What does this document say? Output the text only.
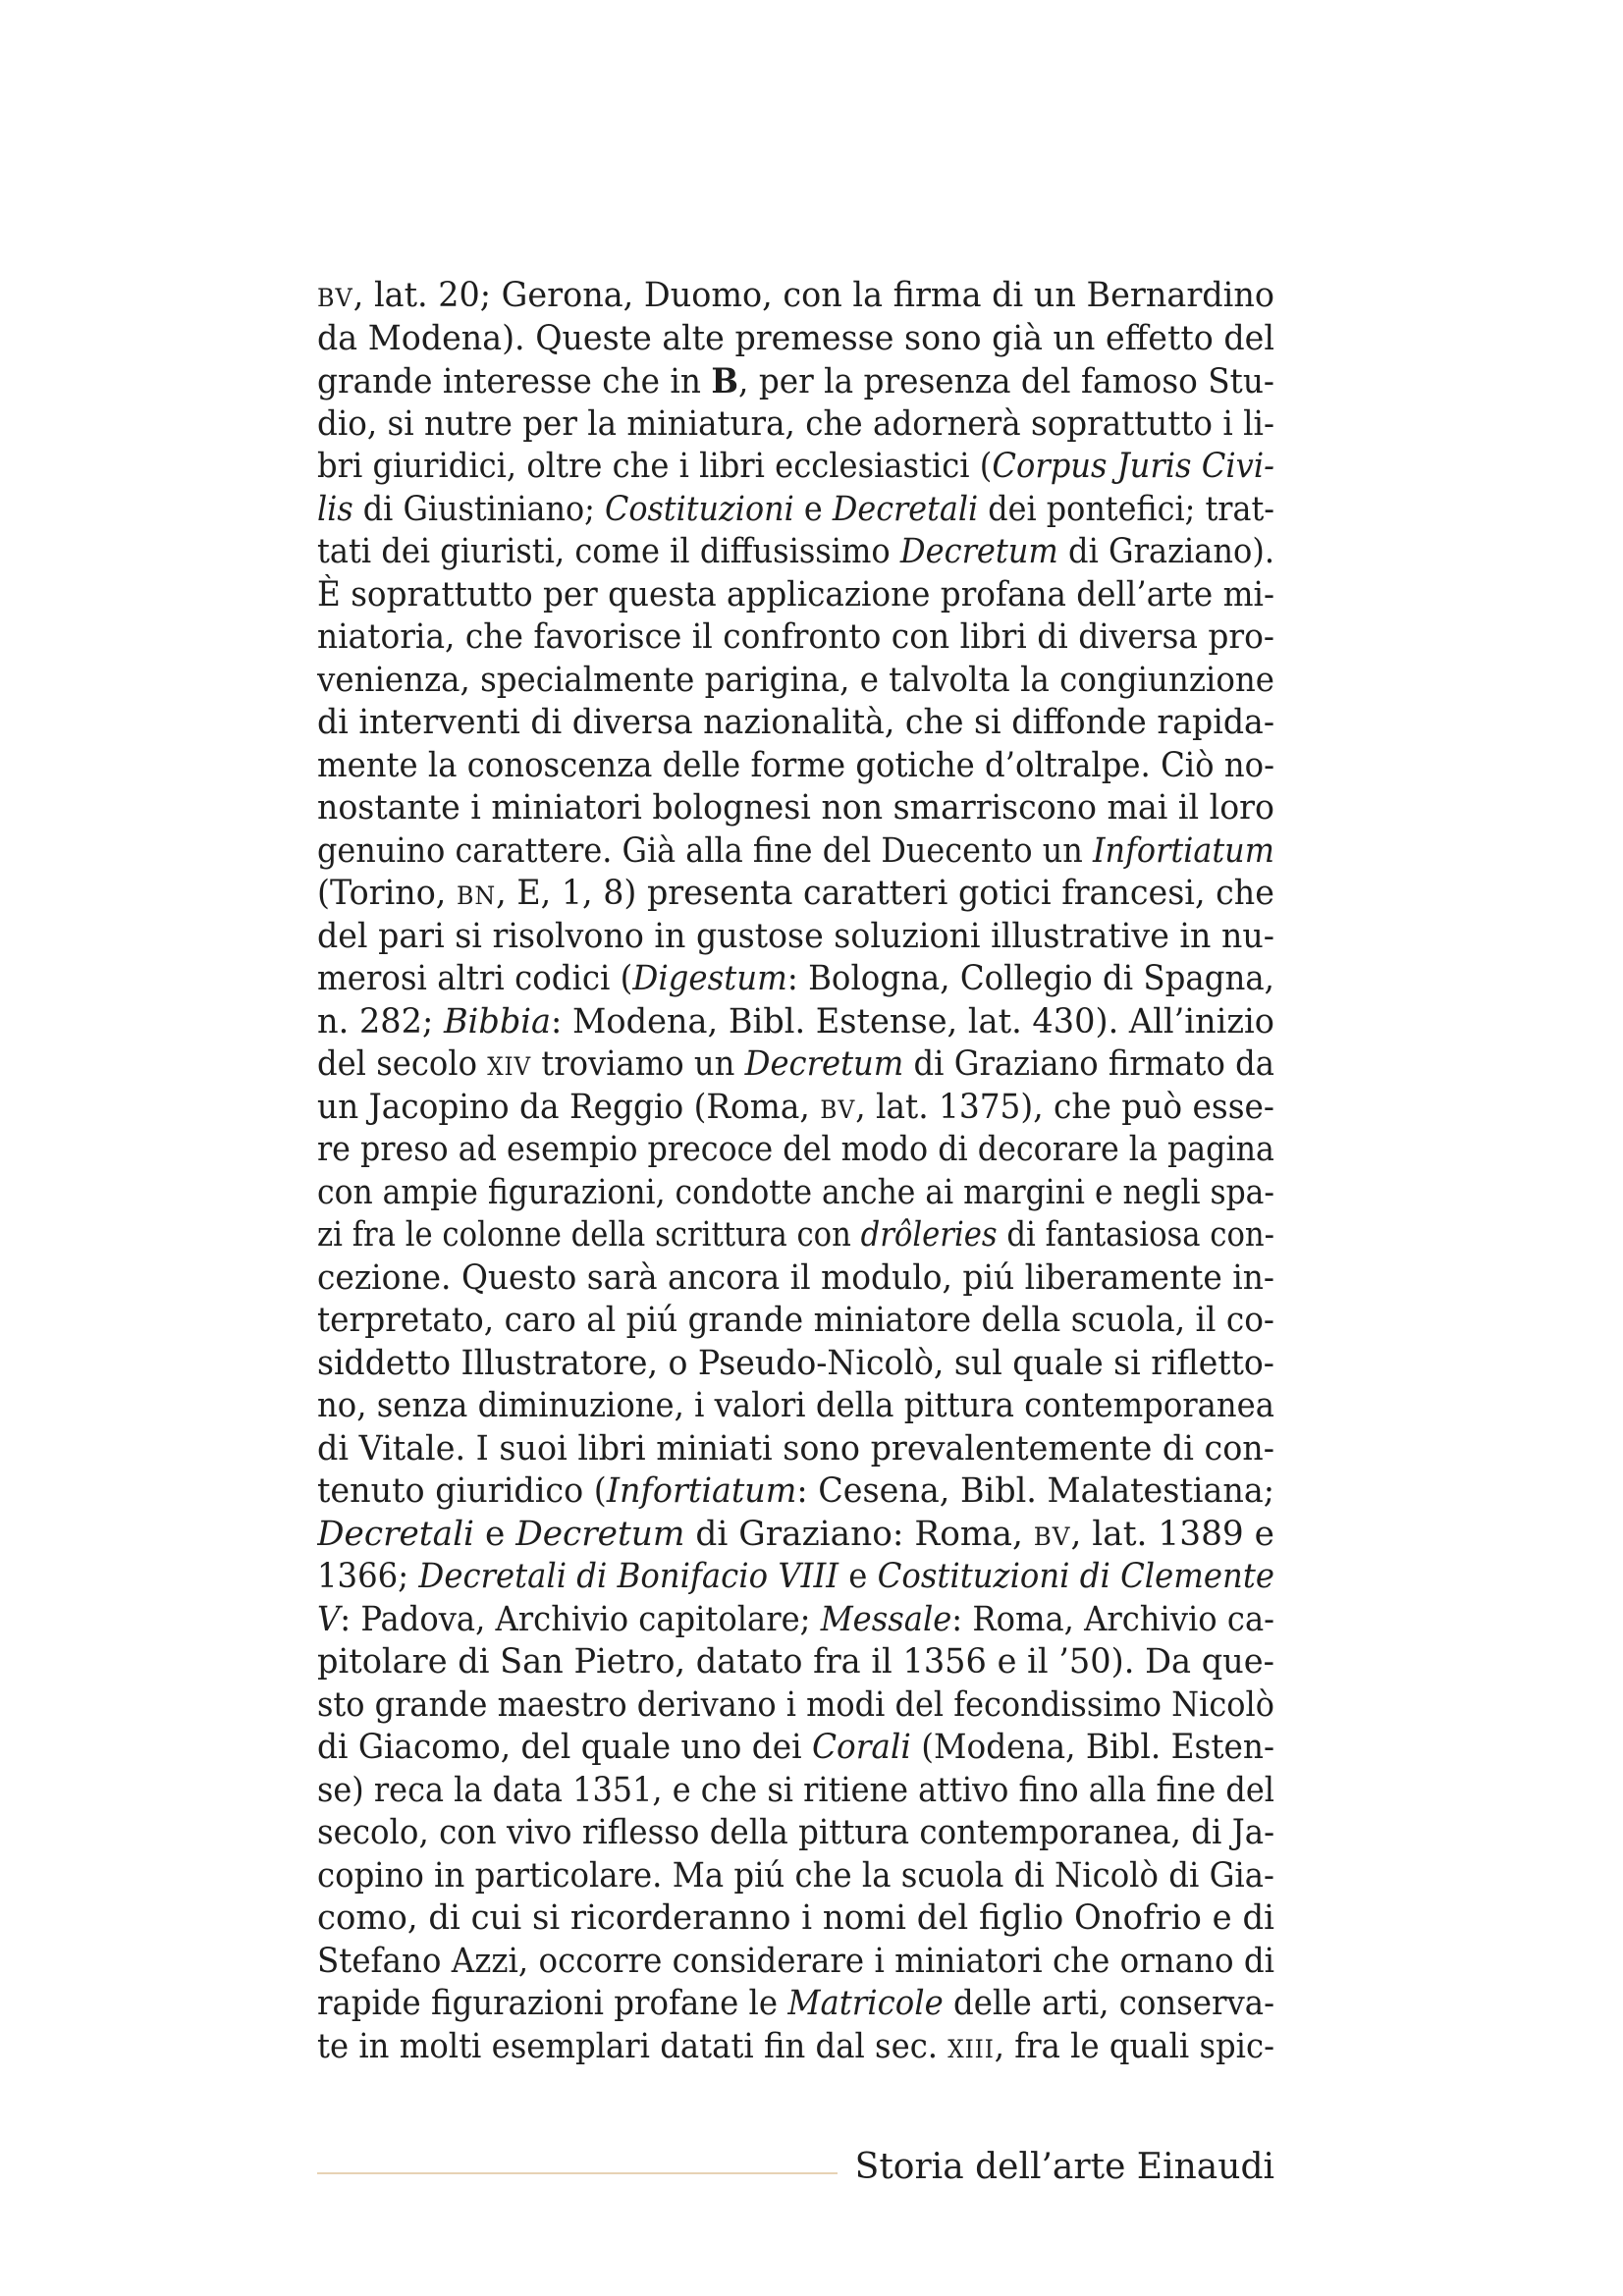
bv, lat. 20; Gerona, Duomo, con la firma di un Bernardino
da Modena). Queste alte premesse sono già un effetto del
grande interesse che in B, per la presenza del famoso Stu-
dio, si nutre per la miniatura, che adornerà soprattutto i li-
bri giuridici, oltre che i libri ecclesiastici (Corpus Juris Civi-
lis di Giustiniano; Costituzioni e Decretali dei pontefici; trat-
tati dei giuristi, come il diffusissimo Decretum di Graziano).
È soprattutto per questa applicazione profana dell’arte mi-
niatoria, che favorisce il confronto con libri di diversa pro-
venienza, specialmente parigina, e talvolta la congiunzione
di interventi di diversa nazionalità, che si diffonde rapida-
mente la conoscenza delle forme gotiche d’oltralpe. Ciò no-
nostante i miniatori bolognesi non smarriscono mai il loro
genuino carattere. Già alla fine del Duecento un Infortiatum
(Torino, bn, E, 1, 8) presenta caratteri gotici francesi, che
del pari si risolvono in gustose soluzioni illustrative in nu-
merosi altri codici (Digestum: Bologna, Collegio di Spagna,
n. 282; Bibbia: Modena, Bibl. Estense, lat. 430). All’inizio
del secolo xiv troviamo un Decretum di Graziano firmato da
un Jacopino da Reggio (Roma, bv, lat. 1375), che può esse-
re preso ad esempio precoce del modo di decorare la pagina
con ampie figurazioni, condotte anche ai margini e negli spa-
zi fra le colonne della scrittura con drôleries di fantasiosa con-
cezione. Questo sarà ancora il modulo, piú liberamente in-
terpretato, caro al piú grande miniatore della scuola, il co-
siddetto Illustratore, o Pseudo-Nicolò, sul quale si rifletto-
no, senza diminuzione, i valori della pittura contemporanea
di Vitale. I suoi libri miniati sono prevalentemente di con-
tenuto giuridico (Infortiatum: Cesena, Bibl. Malatestiana;
Decretali e Decretum di Graziano: Roma, bv, lat. 1389 e
1366; Decretali di Bonifacio VIII e Costituzioni di Clemente
V: Padova, Archivio capitolare; Messale: Roma, Archivio ca-
pitolare di San Pietro, datato fra il 1356 e il ’50). Da que-
sto grande maestro derivano i modi del fecondissimo Nicolò
di Giacomo, del quale uno dei Corali (Modena, Bibl. Esten-
se) reca la data 1351, e che si ritiene attivo fino alla fine del
secolo, con vivo riflesso della pittura contemporanea, di Ja-
copino in particolare. Ma piú che la scuola di Nicolò di Gia-
como, di cui si ricorderanno i nomi del figlio Onofrio e di
Stefano Azzi, occorre considerare i miniatori che ornano di
rapide figurazioni profane le Matricole delle arti, conserva-
te in molti esemplari datati fin dal sec. xiii, fra le quali spic-
Storia dell’arte Einaudi
